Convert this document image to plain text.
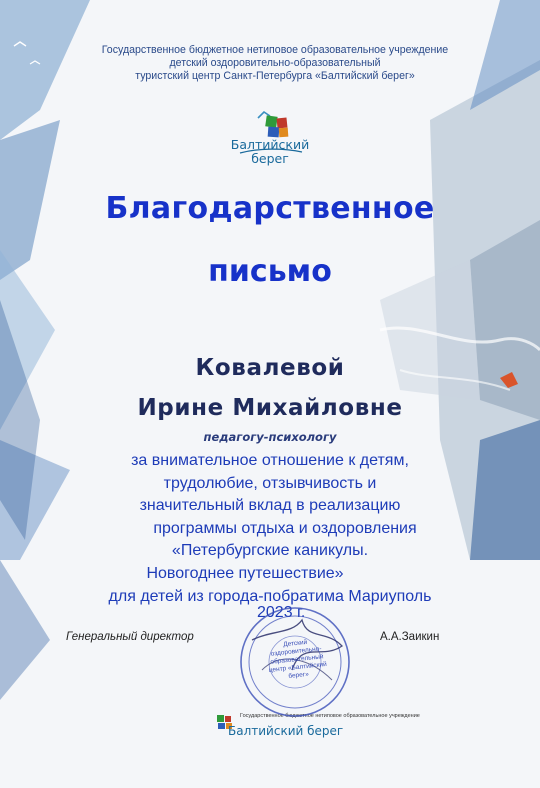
Государственное бюджетное нетиповое образовательное учреждение
детский оздоровительно-образовательный
туристский центр Санкт-Петербурга «Балтийский берег»
Балтийский
берег
Благодарственное
письмо
Ковалевой
Ирине Михайловне
педагогу-психологу
за внимательное отношение к детям,
трудолюбие, отзывчивость и
значительный вклад в реализацию
программы отдыха и оздоровления
«Петербургские каникулы.
Новогоднее путешествие»
для детей из города-побратима Мариуполь
2023 г.
Генеральный директор	А.А.Заикин
Детский оздоровительно-образовательный центр «Балтийский берег»
Государственное бюджетное нетиповое образовательное учреждение
Балтийский берег
